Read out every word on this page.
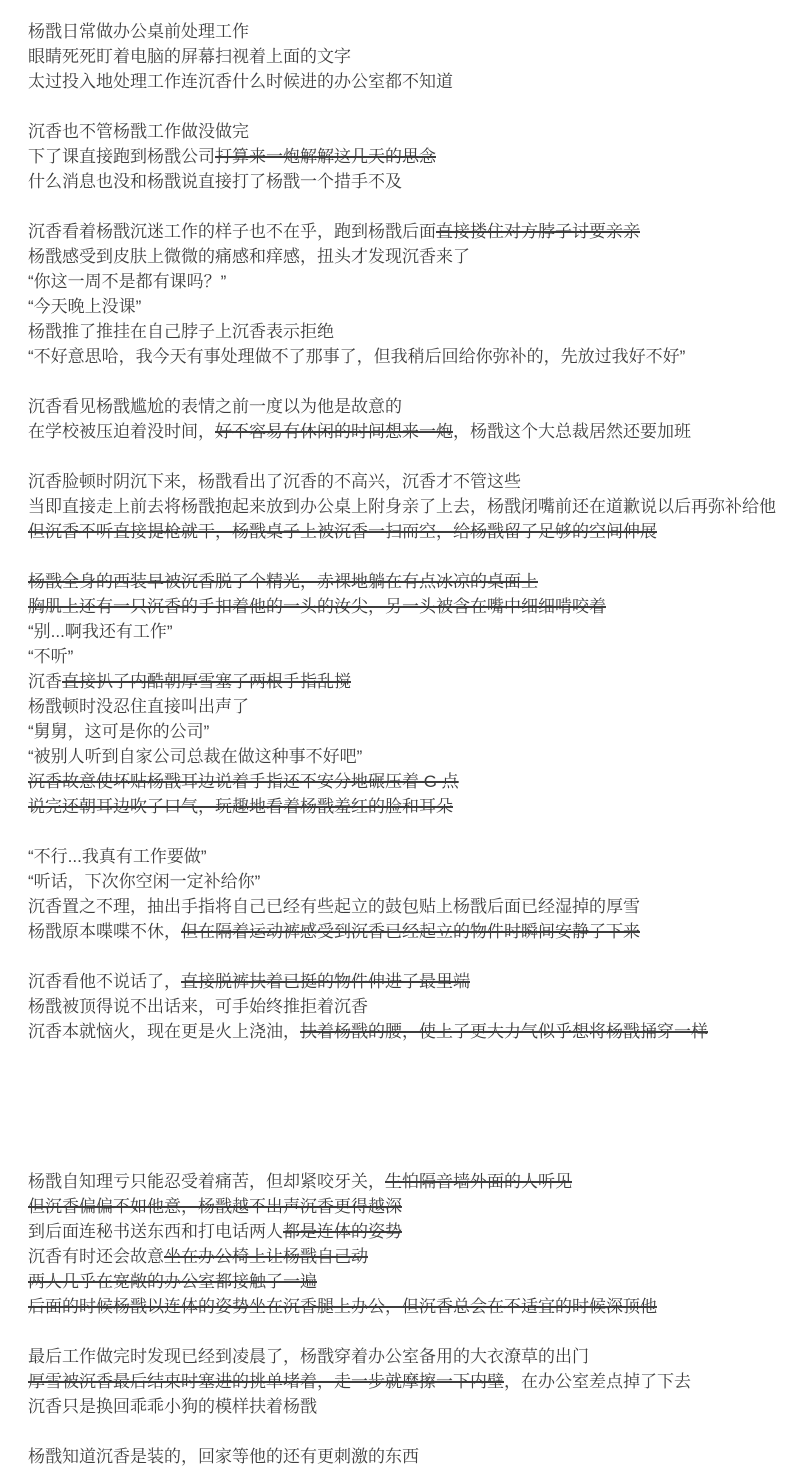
杨戬日常做办公桌前处理工作
眼睛死死盯着电脑的屏幕扫视着上面的文字
太过投入地处理工作连沉香什么时候进的办公室都不知道
沉香也不管杨戬工作做没做完
下了课直接跑到杨戬公司打算来一炮解解这几天的思念
什么消息也没和杨戬说直接打了杨戬一个措手不及
沉香看着杨戬沉迷工作的样子也不在乎，跑到杨戬后面直接搂住对方脖子讨要亲亲
杨戬感受到皮肤上微微的痛感和痒感，扭头才发现沉香来了
“你这一周不是都有课吗？”
“今天晚上没课”
杨戬推了推挂在自己脖子上沉香表示拒绝
“不好意思哈，我今天有事处理做不了那事了，但我稍后回给你弥补的，先放过我好不好”
沉香看见杨戬尴尬的表情之前一度以为他是故意的
在学校被压迫着没时间，好不容易有休闲的时间想来一炮，杨戬这个大总裁居然还要加班
沉香脸顿时阴沉下来，杨戬看出了沉香的不高兴，沉香才不管这些
当即直接走上前去将杨戬抱起来放到办公桌上附身亲了上去，杨戬闭嘴前还在道歉说以后再弥补给他
但沉香不听直接提枪就干，杨戬桌子上被沉香一扫而空，给杨戬留了足够的空间伸展
杨戬全身的西装早被沉香脱了个精光，赤裸地躺在有点冰凉的桌面上
胸肌上还有一只沉香的手扣着他的一头的汝尖，另一头被含在嘴中细细啃咬着
“别...啊我还有工作”
“不听”
沉香直接扒了内酷朝厚雪塞了两根手指乱搅
杨戬顿时没忍住直接叫出声了
“舅舅，这可是你的公司”
“被别人听到自家公司总裁在做这种事不好吧”
沉香故意使坏贴杨戬耳边说着手指还不安分地碾压着 G 点
说完还朝耳边吹了口气，玩趣地看着杨戬羞红的脸和耳朵
“不行...我真有工作要做”
“听话，下次你空闲一定补给你”
沉香置之不理，抽出手指将自己已经有些起立的鼓包贴上杨戬后面已经湿掉的厚雪
杨戬原本喋喋不休，但在隔着运动裤感受到沉香已经起立的物件时瞬间安静了下来
沉香看他不说话了，直接脱裤扶着已挺的物件伸进了最里端
杨戬被顶得说不出话来，可手始终推拒着沉香
沉香本就恼火，现在更是火上浇油，扶着杨戬的腰，使上了更大力气似乎想将杨戬捅穿一样
杨戬自知理亏只能忍受着痛苦，但却紧咬牙关，生怕隔音墙外面的人听见
但沉香偏偏不如他意，杨戬越不出声沉香更得越深
到后面连秘书送东西和打电话两人都是连体的姿势
沉香有时还会故意坐在办公椅上让杨戬自己动
两人几乎在宽敞的办公室都接触了一遍
后面的时候杨戬以连体的姿势坐在沉香腿上办公，但沉香总会在不适宜的时候深顶他
最后工作做完时发现已经到凌晨了，杨戬穿着办公室备用的大衣潦草的出门
厚雪被沉香最后结束时塞进的挑单堵着，走一步就摩擦一下内壁，在办公室差点掉了下去
沉香只是换回乖乖小狗的模样扶着杨戬
杨戬知道沉香是装的，回家等他的还有更刺激的东西
